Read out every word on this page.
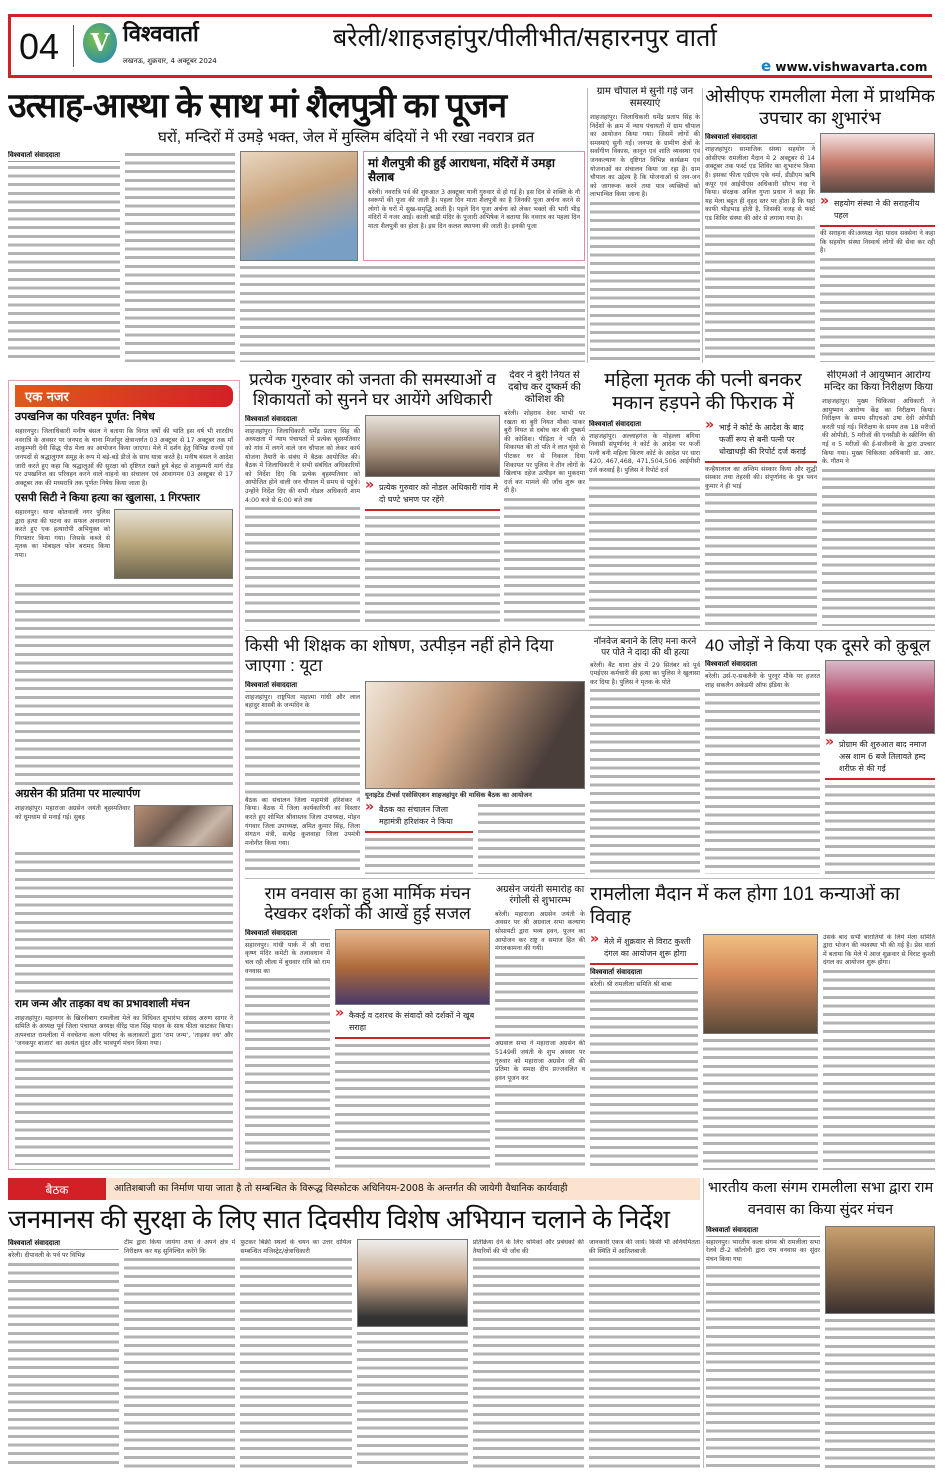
04	V विश्ववार्ता
लखनऊ, शुक्रवार, 4 अक्टूबर 2024
बरेली/शाहजहांपुर/पीलीभीत/सहारनपुर वार्ता
e www.vishwavarta.com
उत्साह-आस्था के साथ मां शैलपुत्री का पूजन
घरों, मन्दिरों में उमड़े भक्त, जेल में मुस्लिम बंदियों ने भी रखा नवरात्र व्रत
विश्ववार्ता संवाददाता
मां शैलपुत्री की हुई आराधना, मंदिरों में उमड़ा सैलाब
बरेली। नवरात्रि पर्व की शुरुआत 3 अक्टूबर यानी गुरुवार से हो गई है। इस दिन से शक्ति के नौ स्वरूपों की पूजा की जाती है। पहला दिन माता शैलपुत्री का है जिनकी पूजा अर्चना करने से लोगो के घरों में सुख-समृद्धि आती है। पहले दिन पूजा अर्चना को लेकर भक्तो की भारी भीड़ मंदिरों में नजर आई। काली बाड़ी मंदिर के पुजारी अभिषेक ने बताया कि नवरात्र का पहला दिन माता शैलपुत्री का होता है। इस दिन कलश स्थापना की जाती है। इनकी पूजा
ग्राम चौपाल में सुनी गई जन समस्याएं
शाहजहांपुर। जिलाधिकारी धर्मेंद्र प्रताप सिंह के निर्देशों के क्रम में न्याय पंचायतों में ग्राम चौपाल का आयोजन किया गया। जिसमें लोगों की समस्याएं सुनी गईं। जनपद के ग्रामीण क्षेत्रों के सर्वांगीण विकास, कानून एवं शांति व्यवस्था एवं जनकल्याण के दृष्टिगत विभिन्न कार्यक्रम एवं योजनाओं का संचालन किया जा रहा है। ग्राम चौपाल का उद्देश्य है कि योजनाओं से जन-जन को जागरूक करने तथा पात्र व्यक्तियों को लाभान्वित किया जाना है।
ओसीएफ रामलीला मेला में प्राथमिक उपचार का शुभारंभ
विश्ववार्ता संवाददाता
शाहजहांपुर। सामाजिक संस्था सहयोग ने ओसीएफ रामलीला मैदान मे 2 अक्टूबर से 14 अक्टूबर तक फर्स्ट एड शिविर का शुभारंभ किया है। इसका फीता एडीएम एके वर्मा, डीडीएम ऋषि कपूर एवं आईपीएस अधिकारी सौरभ नंदा ने किया। संरक्षक अनिल गुप्ता प्रधान ने कहा कि यह मेला बहुत ही वृहद स्तर पर होता है कि यहां काफी भीड़भाड़ होती है, जिसकी वजह से फर्स्ट एड शिविर संस्था की ओर से लगाया गया है।
» सहयोग संस्था ने की सराहनीय पहल
की सराहना की।अध्यक्ष नेहा यादव सक्सेना ने कहा कि सहयोग संस्था निस्वार्थ लोगों की सेवा कर रही है।
एक नजर
उपखनिज का परिवहन पूर्णत: निषेध
सहारनपुर। जिलाधिकारी मनीष बंसल ने बताया कि विगत वर्षों की भांति इस वर्ष भी शारदीय नवरात्रि के अवसर पर जनपद के थाना मिर्जापुर क्षेत्रान्तर्गत 03 अक्टूबर से 17 अक्टूबर तक माँ शाकुम्भरी देवी सिद्ध पीठ मेला का आयोजन किया जाएगा। मेले में दर्शन हेतु विभिन्न राज्यों एवं जनपदों से श्रद्धालुगण समूह के रूप मे बड़े-बड़े डीजे के साथ यात्रा करते है। मनीष बंसल ने आदेश जारी करते हुए कहा कि श्रद्धालुओं की सुरक्षा को दृष्टिगत रखते हुये बेहट से शाकुम्भरी मार्ग रोड पर उपखनिज का परिवहन करने वाले वाहनो का संचालन एवं आवागमन 03 अक्टूबर से 17 अक्टूबर तक की मध्यरात्रि तक पूर्णतः निषेध किया जाता है।
एसपी सिटी ने किया हत्या का खुलासा, 1 गिरफ्तार
सहारनपुर। थाना कोतवाली नगर पुलिस द्वारा हत्या की घटना का सफल अनावरण करते हुए एक हत्यारोपी अभियुक्त को गिरफ्तार किया गया। जिसके कब्जे से मृतक का मोबाइल फोन बरामद किया गया।
अग्रसेन की प्रतिमा पर माल्यार्पण
शाहजहांपुर। महाराजा अग्रसेन जयंती बृहस्पतिवार को धूमधाम से मनाई गई। सुबह
राम जन्म और ताड़का वध का प्रभावशाली मंचन
शाहजहांपुर। महानगर के खिरनीबाग रामलीला मेले का विधिवत शुभारंभ सांसद अरुण सागर ने समिति के अध्यक्ष पूर्व जिला पंचायत अध्यक्ष वीरेंद्र पाल सिंह यादव के साथ फीता काटकर किया। तत्पश्चात रामलीला में नवचेतना कला परिषद के कलाकारों द्वारा 'राम जन्म', 'ताड़का वध' और 'जनकपुर बाजार' का अत्यंत सुंदर और भावपूर्ण मंचन किया गया।
प्रत्येक गुरुवार को जनता की समस्याओं व शिकायतों को सुनने घर आयेंगे अधिकारी
विश्ववार्ता संवाददाता
शाहजहांपुर। जिलाधिकारी धर्मेंद्र प्रताप सिंह की अध्यक्षता में न्याय पंचायतों में प्रत्येक बृहस्पतिवार को गांव में लगने वाले जन चौपाल को लेकर कार्य योजना तैयारी के संबंध में बैठक आयोजित की। बैठक में जिलाधिकारी ने सभी संबंधित अधिकारियों को निर्देश दिए कि प्रत्येक बृहस्पतिवार को आयोजित होने वाली जन चौपाल में समय से पहुंचे। उन्होंने निर्देश दिए की सभी नोडल अधिकारी शाम 4:00 बजे से 6:00 बजे तक
» प्रत्येक गुरुवार को नोडल अधिकारी गांव मे दो घण्टे भ्रमण पर रहेंगे
देवर ने बुरी नियत से दबोच कर दुष्कर्म की कोशिश की
बरेली। शोहराव देवर भाभी पर रखता था बुरी नियत मौका पाकर बुरी नियत से दबोच कर की दुष्कर्म की कोशिश। पीड़िता ने पति से शिकायत की तो पति ने लात घूंसो से पीटकर घर से निकाल दिया शिकायत पर पुलिस ने तीन लोगों के खिलाफ दहेज उत्पीड़न का मुकदमा दर्ज कर मामले की जाँच शुरू कर दी है।
महिला मृतक की पत्नी बनकर मकान हड़पने की फिराक में
विश्ववार्ता संवाददाता
शाहजहांपुर। अल्लाहगंज के मोहल्ला बगिया निवासी संपूर्णानंद ने कोर्ट के आदेश पर फर्जी पत्नी बनी महिला किरण कोर्ट के आदेश पर धारा 420, 467,468, 471,504,506 आईपीसी दर्ज करवाई है। पुलिस ने रिपोर्ट दर्ज
» भाई ने कोर्ट के आदेश के बाद फर्जी रूप से बनी पत्नी पर धोखाधड़ी की रिपोर्ट दर्ज कराई
कन्हैयालाल का अन्तिम संस्कार किया और शुद्धी संस्कार तथा तेहरवी की। संपूर्णानंद के पुत्र पवन कुमार ने ही भाई
सीएमओ ने आयुष्मान आरोग्य मन्दिर का किया निरीक्षण किया
शाहजहांपुर। मुख्य चिकित्सा अधिकारी ने आयुष्मान आरोग्य केंद्र का निरीक्षण किया। निरीक्षण के समय सीएचओ उषा देवी ओपीडी करती पाई गई। निरीक्षण के समय तक 18 मरीजों की ओपीडी, 5 मरीजों की एनसीडी के स्क्रीनिंग की गई व 5 मरीजों की ई-संजीवनी के द्वारा उपचार किया गया। मुख्य चिकित्सा अधिकारी डा. आर. के. गौतम ने
किसी भी शिक्षक का शोषण, उत्पीड़न नहीं होने दिया जाएगा : यूटा
विश्ववार्ता संवाददाता
शाहजहांपुर। राष्ट्रपिता महात्मा गांधी और लाल बहादुर शास्त्री के जन्मदिन के
बैठक का संचालन जिला महामंत्री हरिशंकर ने किया। बैठक में जिला कार्यकारिणी का विस्तार करते हुए शोभित श्रीवास्तव जिला उपाध्यक्ष, मोहन गंगवार जिला उपाध्यक्ष, अमित कुमार सिंह, जिला संगठन मंत्री, सत्येंद्र कुशवाहा जिला उपमंत्री मनोनीत किया गया।
यूनाइटेड टीचर्स एसोसिएशन शाहजहांपुर की मासिक बैठक का आयोजन
» बैठक का संचालन जिला महामंत्री हरिशंकर ने किया
नॉनवेज बनाने के लिए मना करने पर पोते ने दादा की थी हत्या
बरेली। बैंट थाना क्षेत्र में 29 सितंबर को पूर्व एमईएस कर्मचारी की हत्या का पुलिस ने खुलासा कर दिया है। पुलिस ने मृतक के पोते
40 जोड़ों ने किया एक दूसरे को क़ुबूल
विश्ववार्ता संवाददाता
बरेली। उर्स-ए-सकलैनी के पुरनूर मौके पर हजरत शाह सकलैन अकेडमी ऑफ इंडिया के
» प्रोग्राम की शुरुआत बाद नमाज अस्र शाम 6 बजे तिलावते हम्द शरीफ़ से की गई
राम वनवास का हुआ मार्मिक मंचन देखकर दर्शकों की आखें हुई सजल
विश्ववार्ता संवाददाता
सहारनपुर। गांधी पार्क में श्री राधा कृष्ण मंदिर कमेटी के तत्वावधान में चल रही लीला में बुधवार रात्रि को राम वनवास का
» कैकई व दशरथ के संवादों को दर्शकों ने खूब सराहा
अग्रसेन जयंती समारोह का रंगोली से शुभारम्भ
बरेली। महाराजा अग्रसेन जयंती के अवसर पर श्री अग्रवाल सभा कल्याण सोसायटी द्वारा भव्य हवन, पूजन का आयोजन कर राष्ट्र व समाज हित की मंगलकामना की गयी।
अग्रवाल सभा ने महाराजा अग्रसेन की 5149वीं जयंती के शुभ अवसर पर गुरुवार को महाराजा अग्रसेन जी की प्रतिमा के समक्ष दीप प्रज्जवलित व हवन पूजन कर
रामलीला मैदान में कल होगा 101 कन्याओं का विवाह
» मेले में शुक्रवार से विराट कुश्ती दंगल का आयोजन शुरू होगा
विश्ववार्ता संवाददाता
बरेली। श्री रामलीला समिति श्री बाबा
उसके बाद सभी बारातियों के लिये मेला समिति द्वारा भोजन की व्यवस्था भी की गई है। प्रेस वार्ता में बताया कि मेले में आज शुक्रवार से विराट कुश्ती दंगल का आयोजन शुरू होगा।
बैठक	आतिशबाजी का निर्माण पाया जाता है तो सम्बन्धित के विरूद्ध विस्फोटक अधिनियम-2008 के अन्तर्गत की जायेगी वैधानिक कार्यवाही
जनमानस की सुरक्षा के लिए सात दिवसीय विशेष अभियान चलाने के निर्देश
विश्ववार्ता संवाददाता
बरेली। दीपावली के पर्व पर विभिन्न
टीम द्वारा किया जायेगा तथा वे अपने क्षेत्र में निरीक्षण कर यह सुनिश्चित करेंगे कि
फुटकर बिक्री स्थलों के चयन का उत्तर दायित्व सम्बन्धित मजिस्ट्रेट/क्षेत्राधिकारी
प्रतिक्रिया देने के लिए श्रमिकों और प्रबंधकों की तैयारियों की भी जाँच की
जानकारी एकत्र की जाये। किसी भी अनियमितता की स्थिति में आतिशबाजी
भारतीय कला संगम रामलीला सभा द्वारा राम वनवास का किया सुंदर मंचन
विश्ववार्ता संवाददाता
सहारनपुर। भारतीय कला संगम श्री रामलीला सभा रेलवे टी-2 कॉलोनी द्वारा राम वनवास का सुंदर मंचन किया गया
